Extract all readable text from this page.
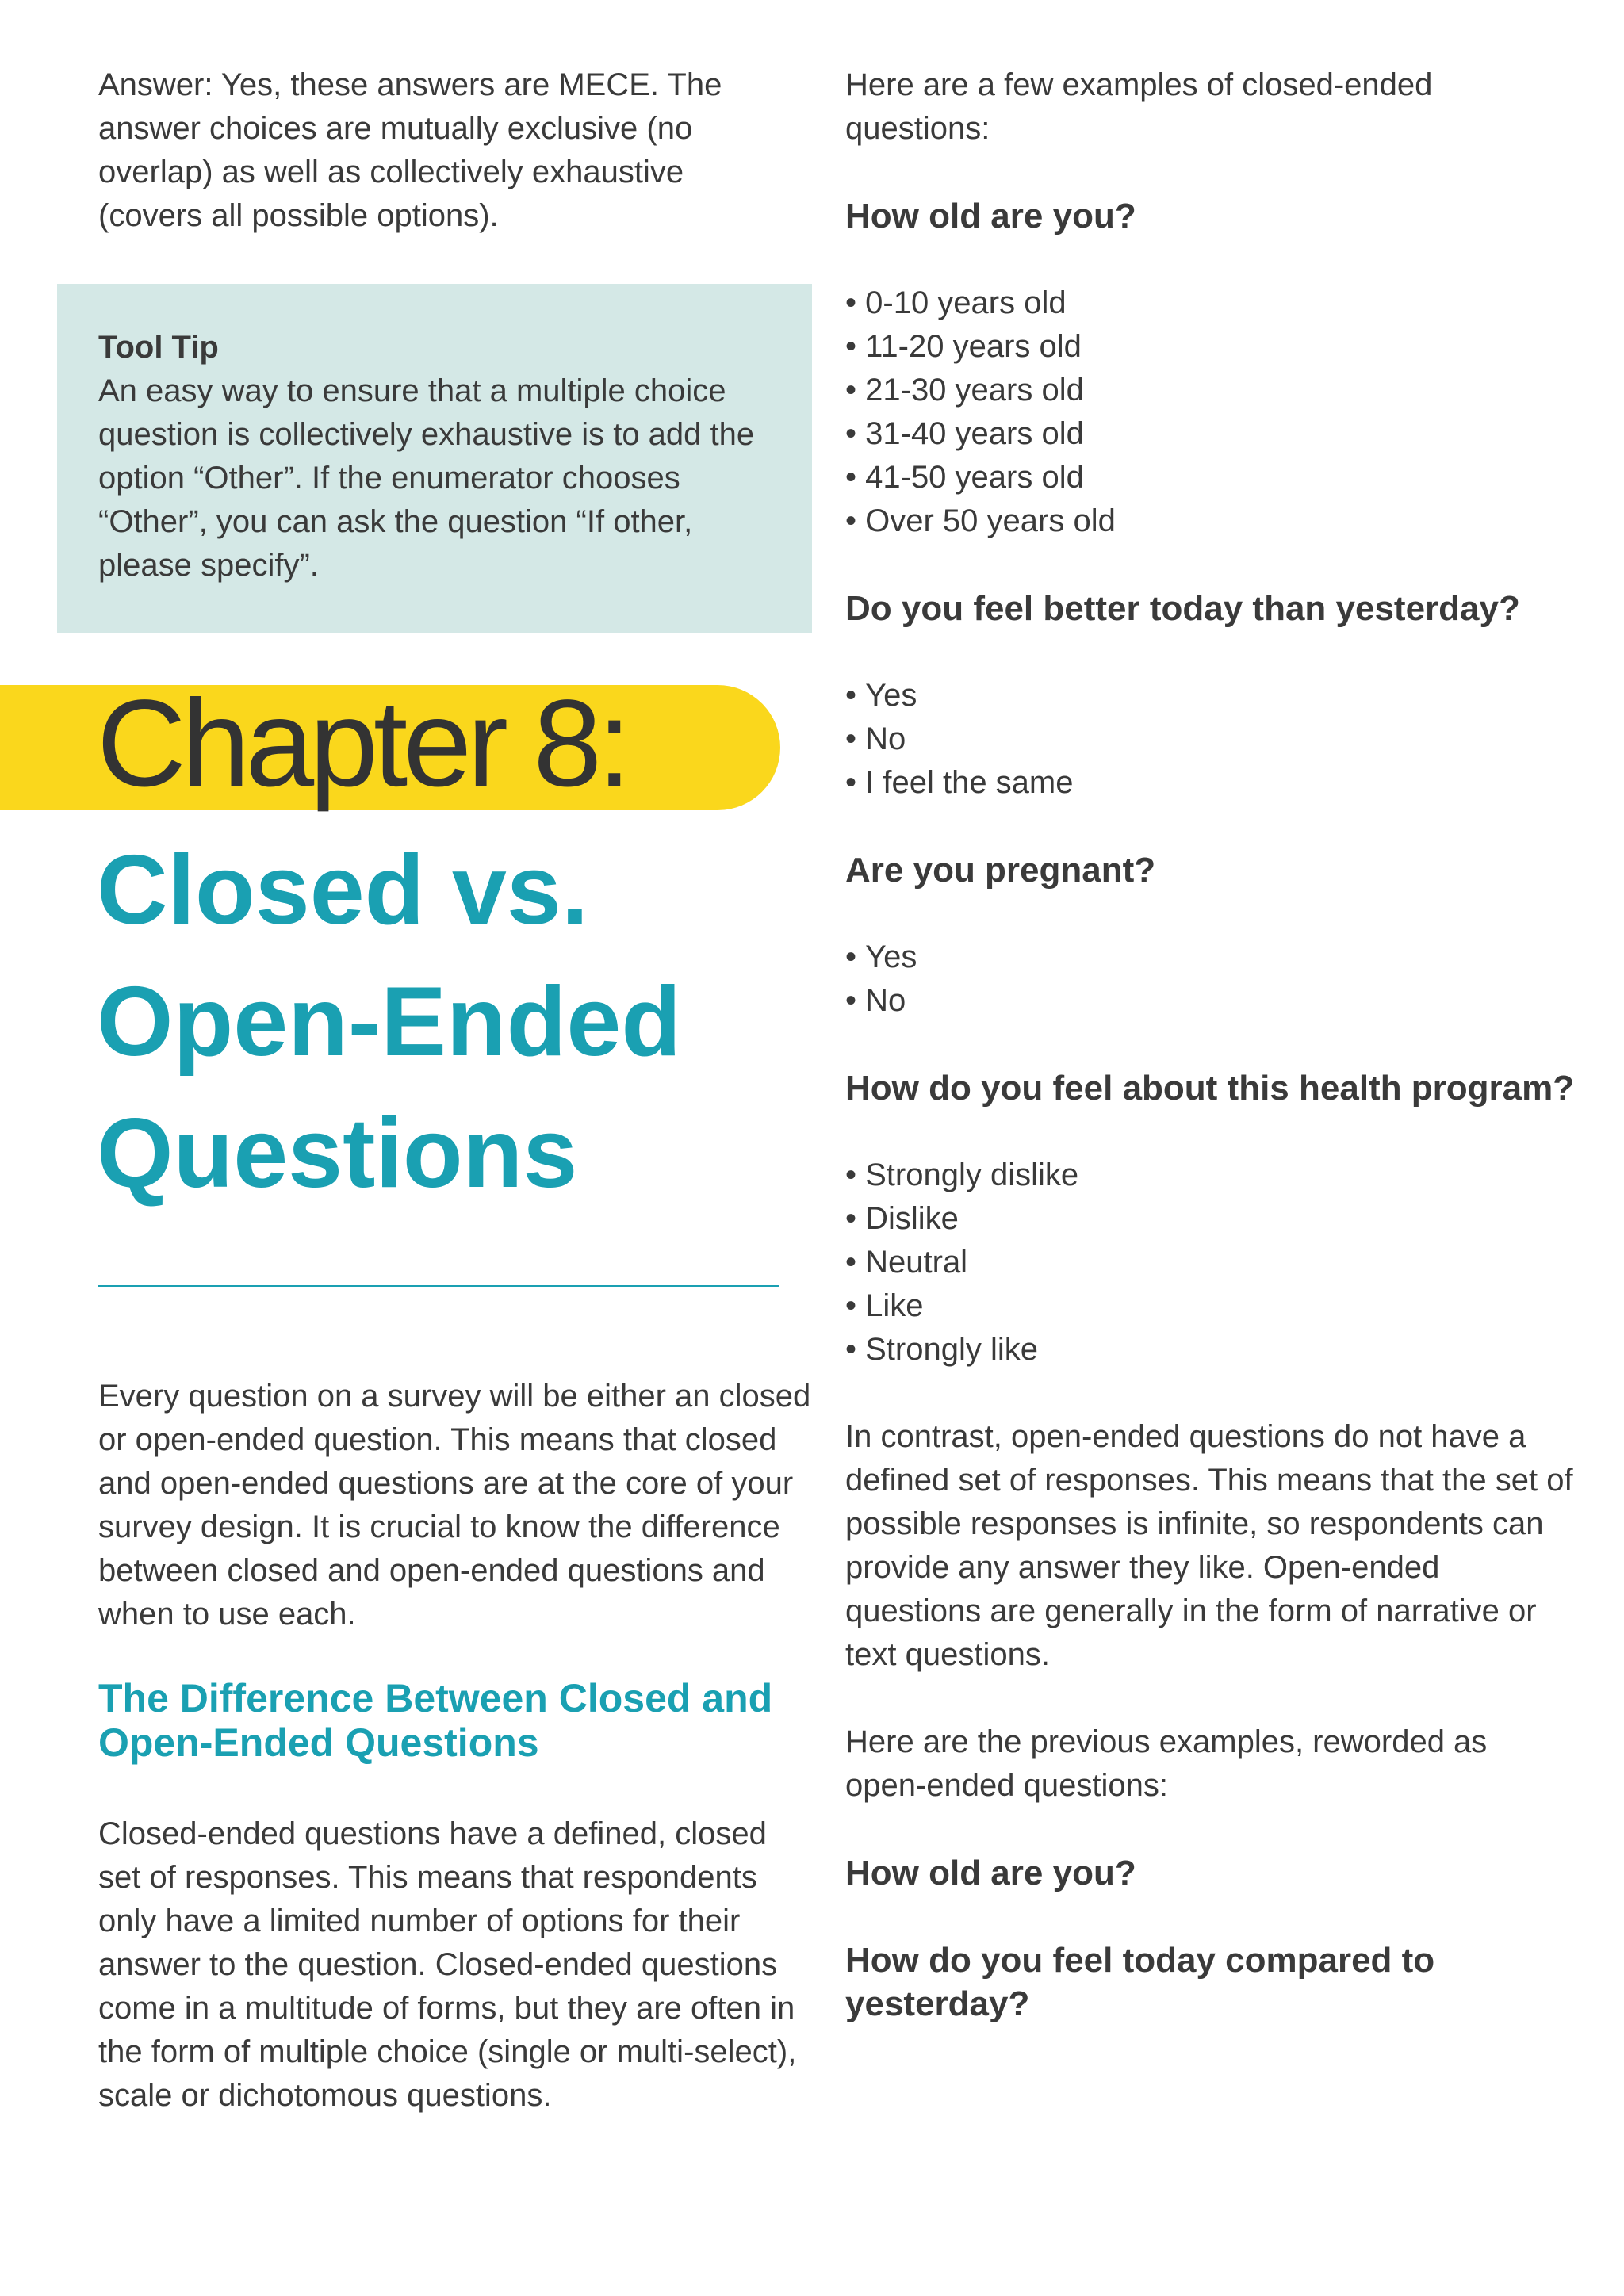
Answer: Yes, these answers are MECE. The answer choices are mutually exclusive (no overlap) as well as collectively exhaustive (covers all possible options).

Tool Tip

An easy way to ensure that a multiple choice question is collectively exhaustive is to add the option “Other”. If the enumerator chooses “Other”, you can ask the question “If other, please specify”.

Chapter 8:
Closed vs.
Open-Ended
Questions

Every question on a survey will be either an closed or open-ended question. This means that closed and open-ended questions are at the core of your survey design. It is crucial to know the difference between closed and open-ended questions and when to use each.

The Difference Between Closed and Open-Ended Questions

Closed-ended questions have a defined, closed set of responses. This means that respondents only have a limited number of options for their answer to the question. Closed-ended questions come in a multitude of forms, but they are often in the form of multiple choice (single or multi-select), scale or dichotomous questions.

Here are a few examples of closed-ended questions:

How old are you?

• 0-10 years old
• 11-20 years old
• 21-30 years old
• 31-40 years old
• 41-50 years old
• Over 50 years old

Do you feel better today than yesterday?

• Yes
• No
• I feel the same

Are you pregnant?

• Yes
• No

How do you feel about this health program?

• Strongly dislike
• Dislike
• Neutral
• Like
• Strongly like

In contrast, open-ended questions do not have a defined set of responses. This means that the set of possible responses is infinite, so respondents can provide any answer they like. Open-ended questions are generally in the form of narrative or text questions.

Here are the previous examples, reworded as open-ended questions:

How old are you?

How do you feel today compared to yesterday?
